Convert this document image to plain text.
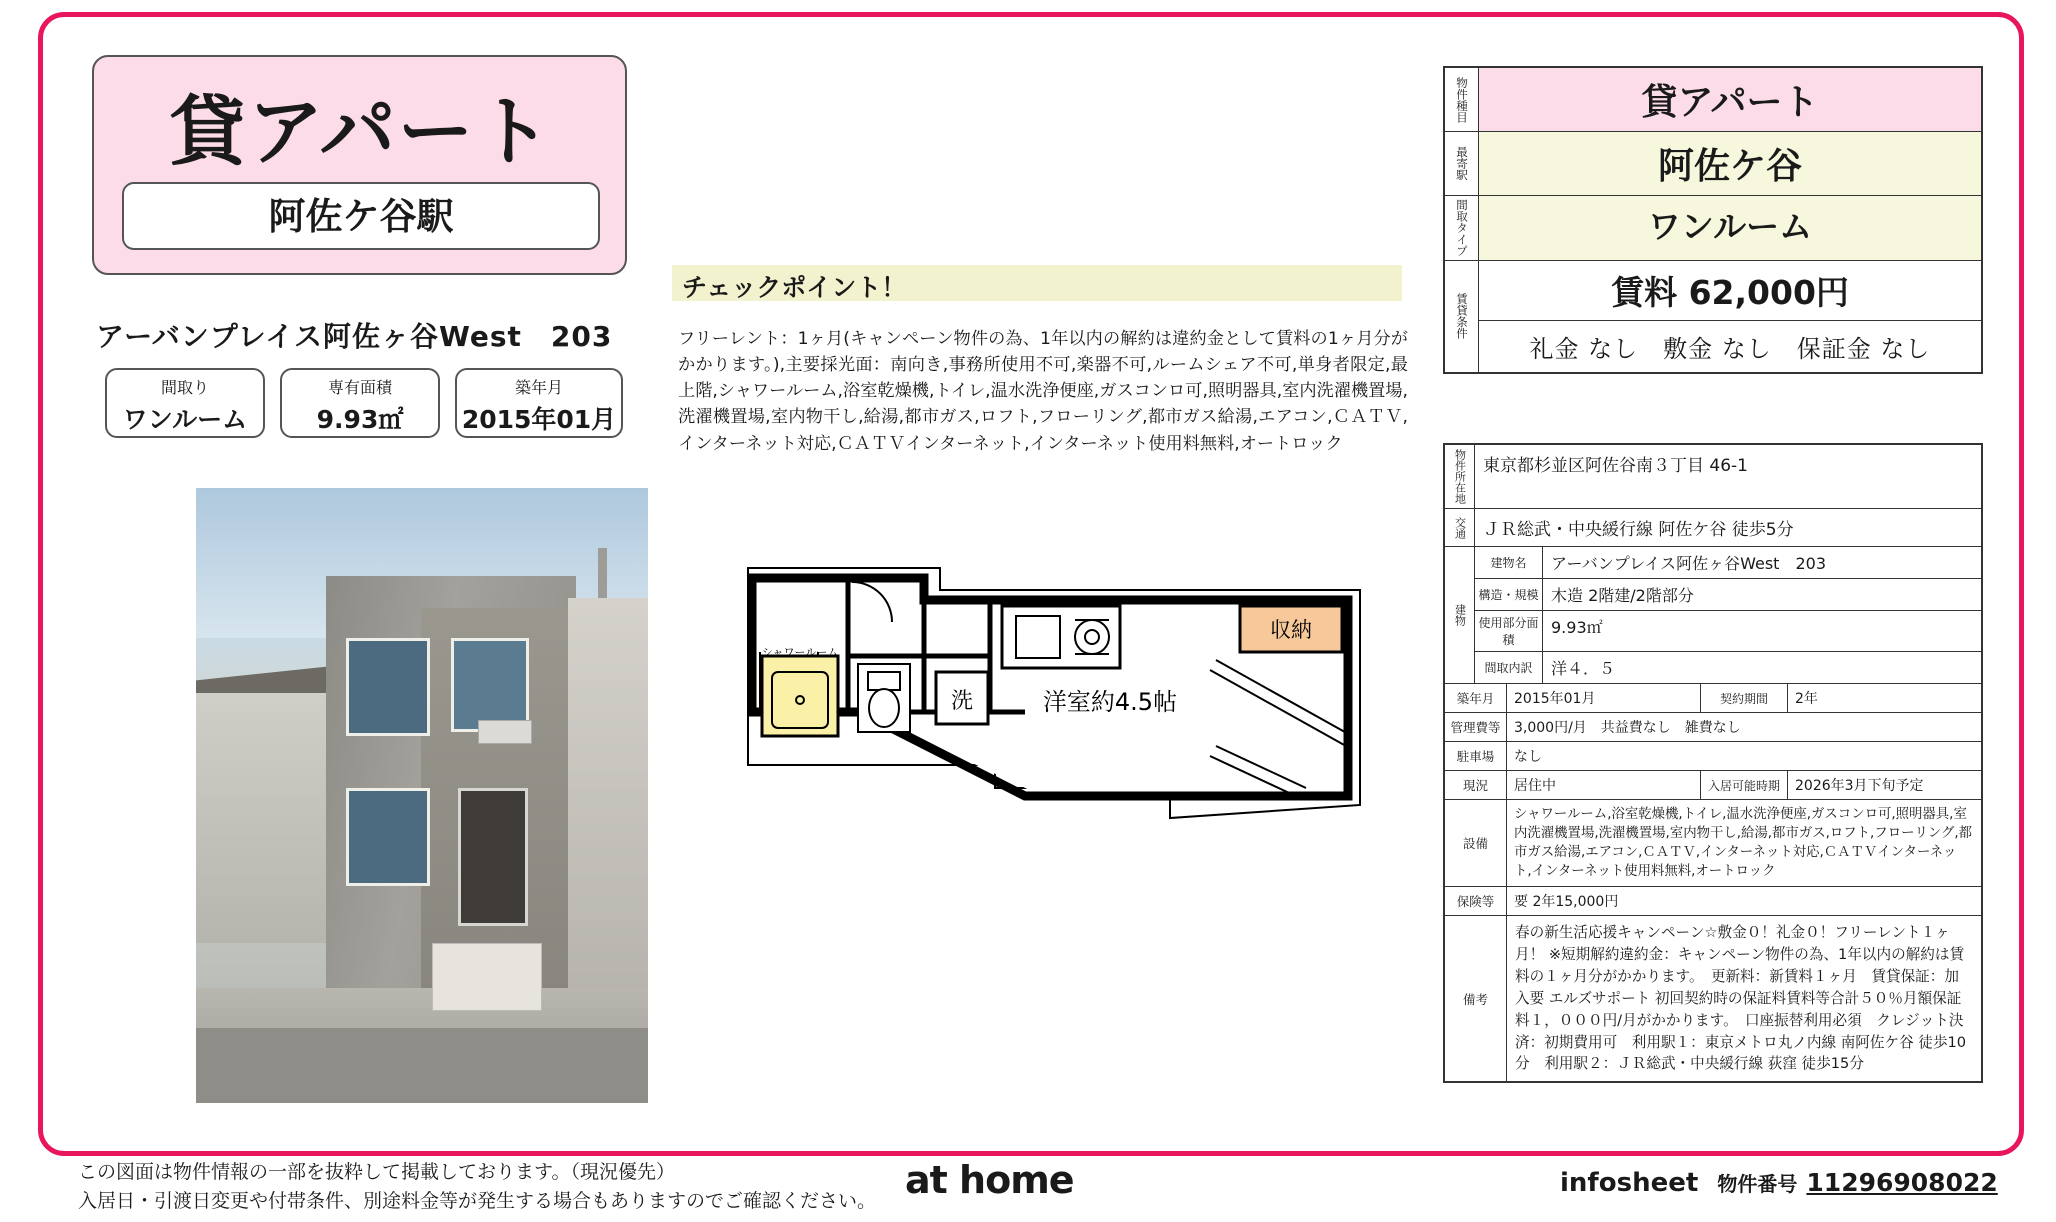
貸アパート
阿佐ケ谷駅
アーバンプレイス阿佐ヶ谷West　203
間取り
ワンルーム
専有面積
9.93㎡
築年月
2015年01月
チェックポイント！
フリーレント：1ヶ月(キャンペーン物件の為、1年以内の解約は違約金として賃料の1ヶ月分がかかります。),主要採光面：南向き,事務所使用不可,楽器不可,ルームシェア不可,単身者限定,最上階,シャワールーム,浴室乾燥機,トイレ,温水洗浄便座,ガスコンロ可,照明器具,室内洗濯機置場,洗濯機置場,室内物干し,給湯,都市ガス,ロフト,フローリング,都市ガス給湯,エアコン,ＣＡＴＶ,インターネット対応,ＣＡＴＶインターネット,インターネット使用料無料,オートロック
シャワールーム
洗
収納
洋室約4.5帖
物件種目	貸アパート
最寄駅	阿佐ケ谷
間取タイプ	ワンルーム
賃貸条件
賃料 62,000円
礼金 なし　敷金 なし　保証金 なし
物件所在地 東京都杉並区阿佐谷南３丁目 46-1
交通 ＪＲ総武・中央緩行線 阿佐ケ谷 徒歩5分
建物
建物名	アーバンプレイス阿佐ヶ谷West　203
構造・規模 木造 2階建/2階部分
使用部分面積
9.93㎡
間取内訳	洋４．５
築年月	2015年01月	契約期間	2年
管理費等 3,000円/月　共益費なし　雑費なし
駐車場	なし
現況	居住中	入居可能時期	2026年3月下旬予定
設備
シャワールーム,浴室乾燥機,トイレ,温水洗浄便座,ガスコンロ可,照明器具,室内洗濯機置場,洗濯機置場,室内物干し,給湯,都市ガス,ロフト,フローリング,都市ガス給湯,エアコン,ＣＡＴＶ,インターネット対応,ＣＡＴＶインターネット,インターネット使用料無料,オートロック
保険等	要 2年15,000円
備考
春の新生活応援キャンペーン☆敷金０！礼金０！フリーレント１ヶ月！ ※短期解約違約金：キャンペーン物件の為、1年以内の解約は賃料の１ヶ月分がかかります。　更新料：新賃料１ヶ月　賃貸保証：加入要 エルズサポート 初回契約時の保証料賃料等合計５０％月額保証料１，０００円/月がかかります。　口座振替利用必須　クレジット決済：初期費用可　利用駅１：東京メトロ丸ノ内線 南阿佐ケ谷 徒歩10分　利用駅２：ＪＲ総武・中央緩行線 荻窪 徒歩15分
この図面は物件情報の一部を抜粋して掲載しております。（現況優先）
入居日・引渡日変更や付帯条件、別途料金等が発生する場合もありますのでご確認ください。 at home	infosheet 物件番号 11296908022
